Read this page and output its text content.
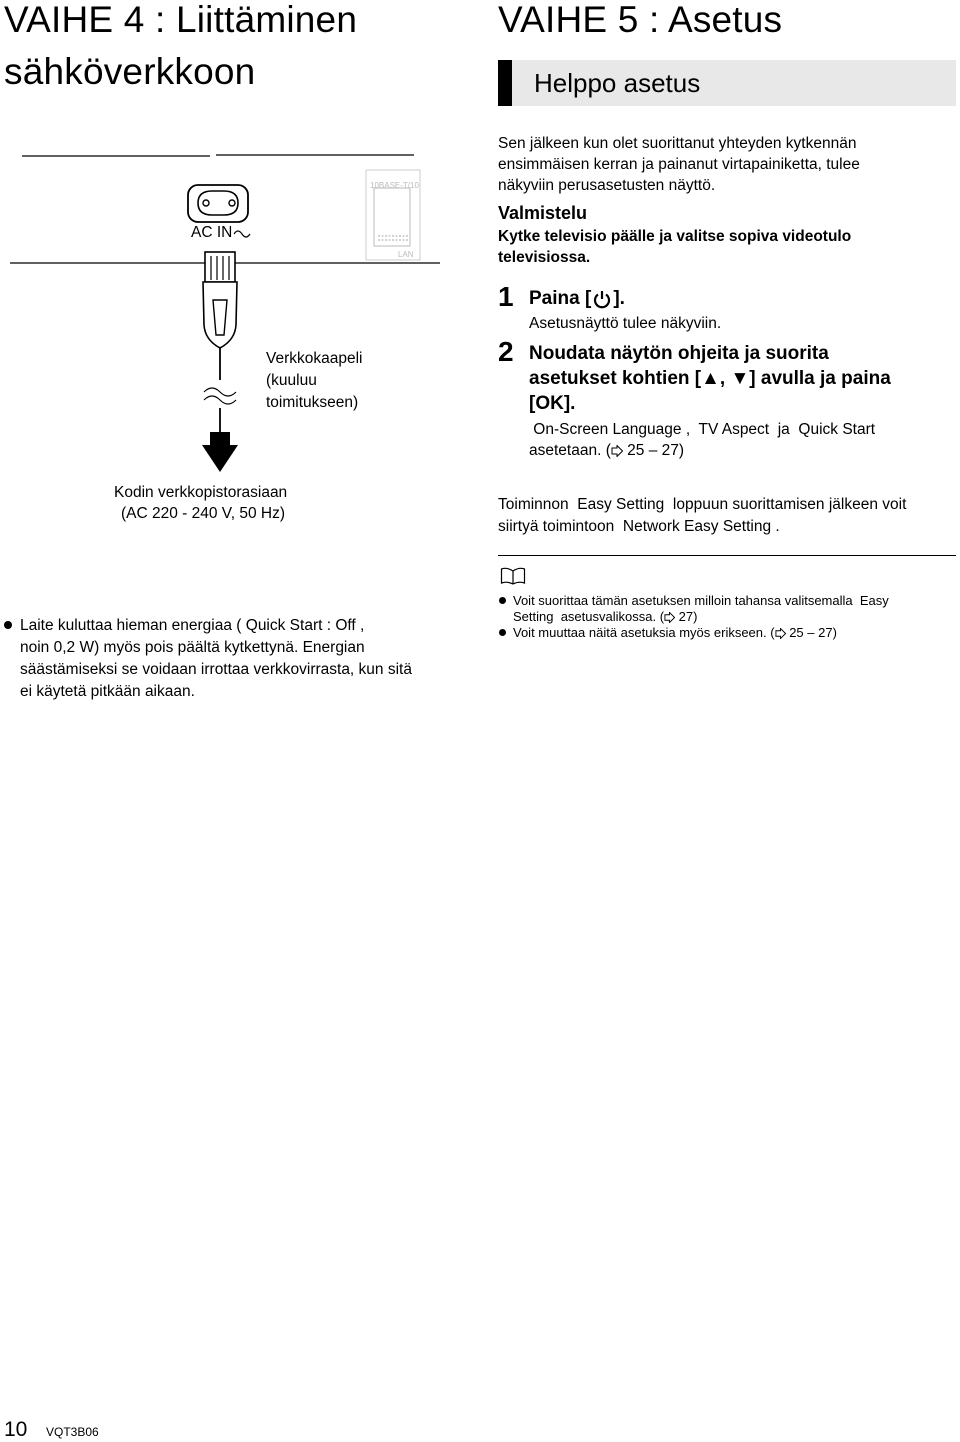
VAIHE 4 : Liittäminen
sähköverkkoon
AC IN
10BASE-T/10
LAN
Verkkokaapeli
(kuuluu
toimitukseen)
Kodin verkkopistorasiaan
(AC 220 - 240 V, 50 Hz)
Laite kuluttaa hieman energiaa ( Quick Start : Off ,
noin 0,2 W) myös pois päältä kytkettynä. Energian
säästämiseksi se voidaan irrottaa verkkovirrasta, kun sitä
ei käytetä pitkään aikaan.
VAIHE 5 : Asetus
Helppo asetus
Sen jälkeen kun olet suorittanut yhteyden kytkennän
ensimmäisen kerran ja painanut virtapainiketta, tulee
näkyviin perusasetusten näyttö.
Valmistelu
Kytke televisio päälle ja valitse sopiva videotulo
televisiossa.
1 Paina [ ].
Asetusnäyttö tulee näkyviin.
2 Noudata näytön ohjeita ja suorita
asetukset kohtien [▲, ▼] avulla ja paina
[OK].
On-Screen Language ,  TV Aspect  ja  Quick Start
asetetaan. ( 25 – 27)
Toiminnon  Easy Setting  loppuun suorittamisen jälkeen voit
siirtyä toimintoon  Network Easy Setting .
Voit suorittaa tämän asetuksen milloin tahansa valitsemalla  Easy
Setting  asetusvalikossa. ( 27)
Voit muuttaa näitä asetuksia myös erikseen. ( 25 – 27)
10 VQT3B06
